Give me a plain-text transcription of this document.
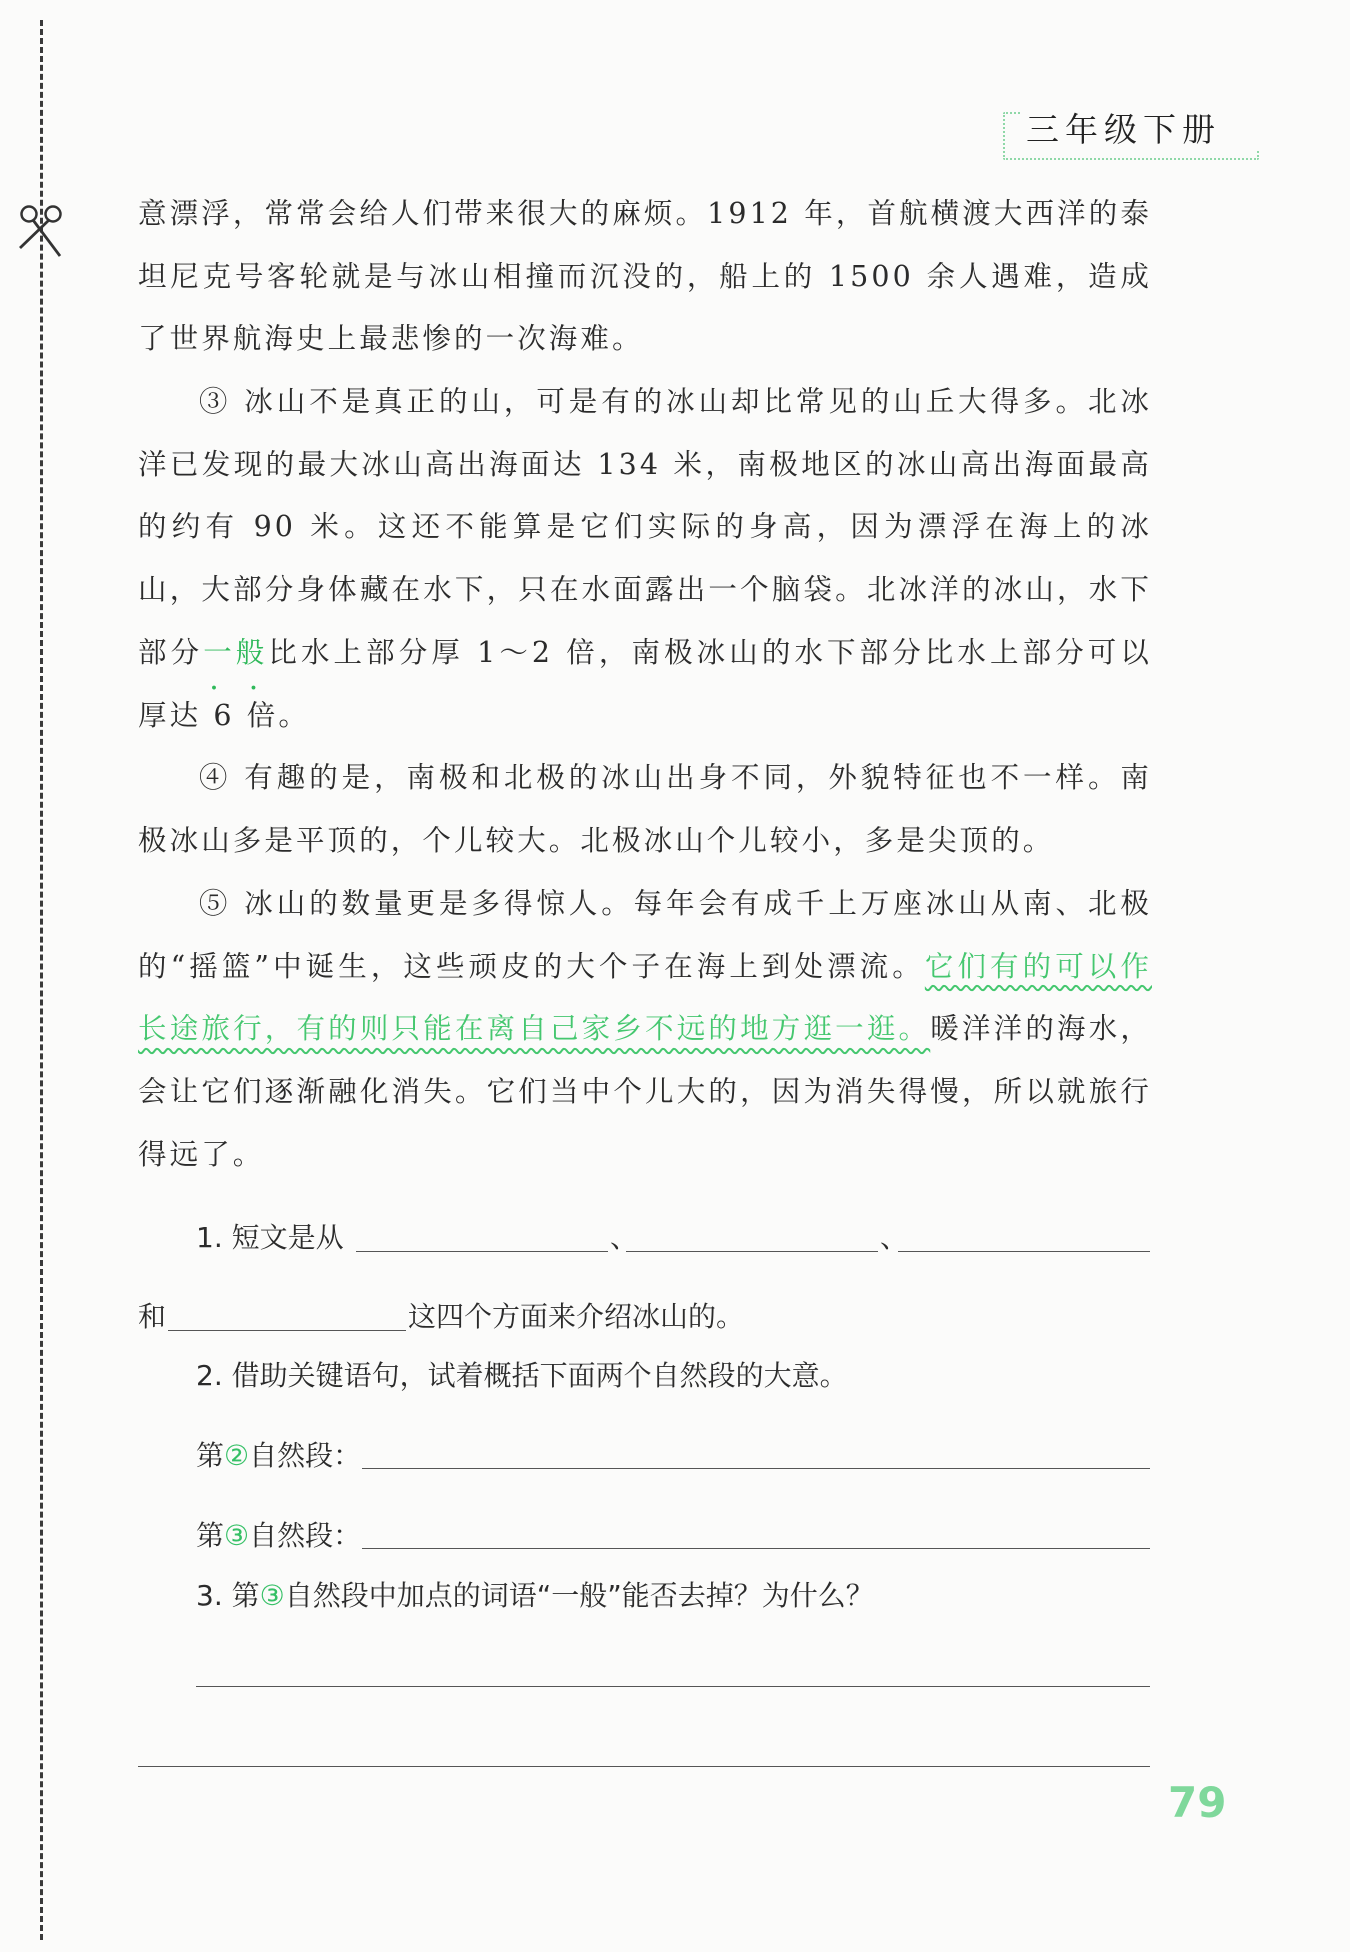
三年级下册

意漂浮，常常会给人们带来很大的麻烦。1912 年，首航横渡大西洋的泰坦尼克号客轮就是与冰山相撞而沉没的，船上的 1500 余人遇难，造成了世界航海史上最悲惨的一次海难。

③ 冰山不是真正的山，可是有的冰山却比常见的山丘大得多。北冰洋已发现的最大冰山高出海面达 134 米，南极地区的冰山高出海面最高的约有 90 米。这还不能算是它们实际的身高，因为漂浮在海上的冰山，大部分身体藏在水下，只在水面露出一个脑袋。北冰洋的冰山，水下部分一般 · ·比水上部分厚 1～2 倍，南极冰山的水下部分比水上部分可以厚达 6 倍。

④ 有趣的是，南极和北极的冰山出身不同，外貌特征也不一样。南极冰山多是平顶的，个儿较大。北极冰山个儿较小，多是尖顶的。

⑤ 冰山的数量更是多得惊人。每年会有成千上万座冰山从南、北极的“摇篮”中诞生，这些顽皮的大个子在海上到处漂流。它们有的可以作长途旅行，有的则只能在离自己家乡不远的地方逛一逛。暖洋洋的海水，会让它们逐渐融化消失。它们当中个儿大的，因为消失得慢，所以就旅行得远了。

1. 短文是从	、	、
和	这四个方面来介绍冰山的。
2. 借助关键语句，试着概括下面两个自然段的大意。
第②自然段：
第③自然段：
3. 第③自然段中加点的词语“一般”能否去掉？为什么？
79
